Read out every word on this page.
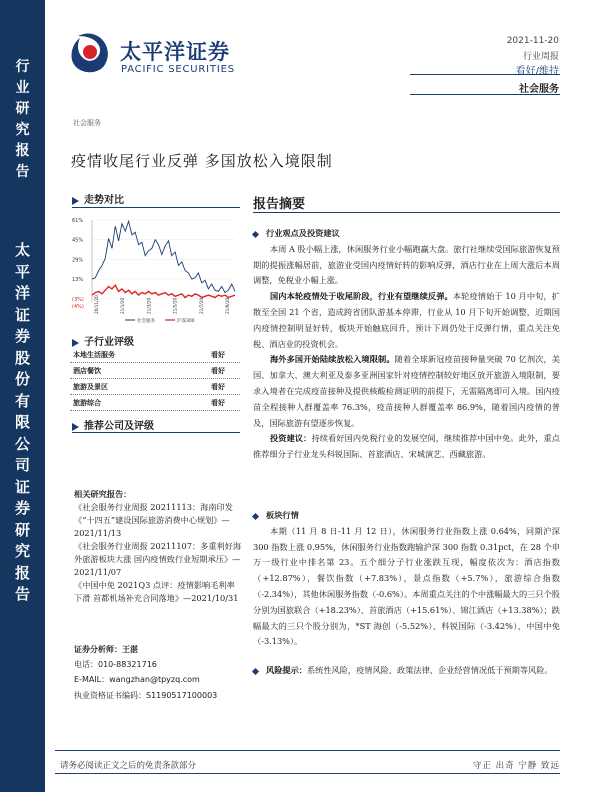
行
业
研
究
报
告
太
平
洋
证
券
股
份
有
限
公
司
证
券
研
究
报
告
太平洋证券
PACIFIC SECURITIES
2021-11-20
行业周报
看好/维持
社会服务
社会服务
疫情收尾行业反弹 多国放松入境限制
走势对比
61%
45%
29%
13%
(3%)
(4%) 20/11/20	21/1/20	21/3/20	21/5/20	21/7/20	21/9/20
社会服务	沪深300
子行业评级
本地生活服务	看好
酒店餐饮	看好
旅游及景区	看好
旅游综合	看好
推荐公司及评级

相关研究报告：

《社会服务行业周报 20211113：海南印发《“十四五”建设国际旅游消费中心规划》—2021/11/13

《社会服务行业周报 20211107：多重利好海外旅游板块大涨 国内疫情致行业短期承压》—2021/11/07

《中国中免 2021Q3 点评：疫情影响毛利率下滑 首都机场补充合同落地》—2021/10/31

证券分析师：王湛

电话：010-88321716

E-MAIL：wangzhan@tpyzq.com

执业资格证书编码：S1190517100003

报告摘要

行业观点及投资建议

本周 A 股小幅上涨，休闲服务行业小幅跑赢大盘。旅行社继续受国际旅游恢复预期的提振涨幅居前，旅游业受国内疫情好转的影响反弹，酒店行业在上周大涨后本周调整，免税业小幅上涨。

国内本轮疫情处于收尾阶段，行业有望继续反弹。本轮疫情始于 10 月中旬，扩散至全国 21 个省，造成跨省团队游基本停滞，行业从 10 月下旬开始调整，近期国内疫情控制明显好转，板块开始触底回升，预计下周仍处于反弹行情，重点关注免税、酒店业的投资机会。

海外多国开始陆续放松入境限制。随着全球新冠疫苗接种量突破 70 亿剂次，美国、加拿大、澳大利亚及泰多亚洲国家针对疫情控制较好地区放开旅游入境限制，要求入境者在完成疫苗接种及提供核酸检测证明的前提下，无需隔离即可入境。国内疫苗全程接种人群覆盖率 76.3%，疫苗接种人群覆盖率 86.9%，随着国内疫情的普及，国际旅游有望逐步恢复。

投资建议：持续看好国内免税行业的发展空间，继续推荐中国中免。此外，重点推荐细分子行业龙头科锐国际、首旅酒店、宋城演艺、西藏旅游。

板块行情

本期（11 月 8 日-11 月 12 日），休闲服务行业指数上涨 0.64%，同期沪深 300 指数上涨 0.95%，休闲服务行业指数跑输沪深 300 指数 0.31pct，在 28 个申万一级行业中排名第 23。五个细分子行业涨跌互现，幅度依次为：酒店指数（+12.87%），餐饮指数（+7.83%），景点指数（+5.7%），旅游综合指数（-2.34%），其他休闲服务指数（-0.6%）。本周重点关注的个中涨幅最大的三只个股分别为国旅联合（+18.23%）、首旅酒店（+15.61%）、锦江酒店（+13.38%）；跌幅最大的三只个股分别为，*ST 海创（-5.52%）、科锐国际（-3.42%）、中国中免（-3.13%）。

风险提示：系统性风险，疫情风险、政策法律、企业经营情况低于预期等风险。

请务必阅读正文之后的免责条款部分	守正 出奇 宁静 致远
